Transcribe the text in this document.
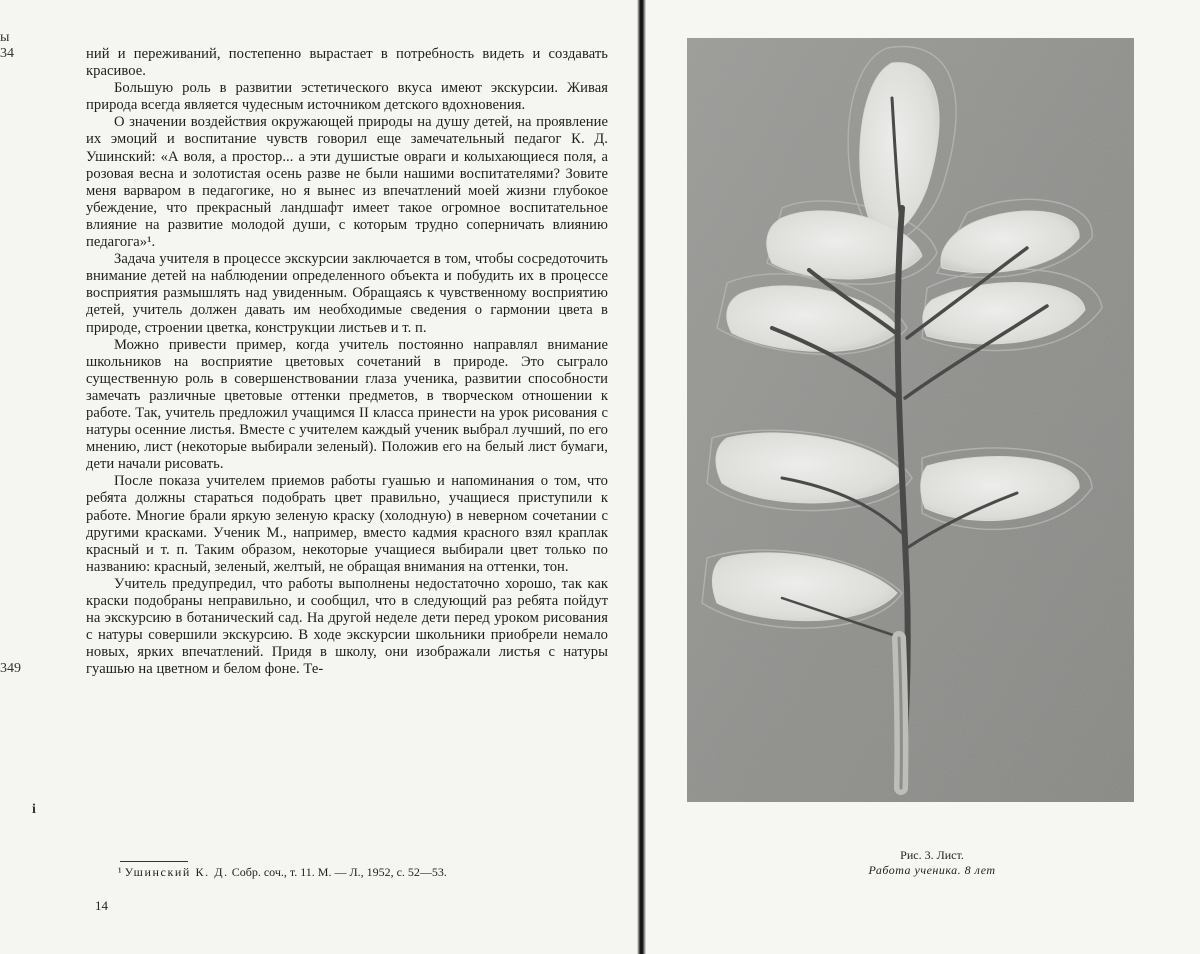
ы
34
349
i

ний и переживаний, постепенно вырастает в потребность видеть и создавать красивое.

Большую роль в развитии эстетического вкуса имеют экскурсии. Живая природа всегда является чудесным источником детского вдохновения.

О значении воздействия окружающей природы на душу детей, на проявление их эмоций и воспитание чувств говорил еще замечательный педагог К. Д. Ушинский: «А воля, а простор... а эти душистые овраги и колыхающиеся поля, а розовая весна и золотистая осень разве не были нашими воспитателями? Зовите меня варваром в педагогике, но я вынес из впечатлений моей жизни глубокое убеждение, что прекрасный ландшафт имеет такое огромное воспитательное влияние на развитие молодой души, с которым трудно соперничать влиянию педагога»¹.

Задача учителя в процессе экскурсии заключается в том, чтобы сосредоточить внимание детей на наблюдении определенного объекта и побудить их в процессе восприятия размышлять над увиденным. Обращаясь к чувственному восприятию детей, учитель должен давать им необходимые сведения о гармонии цвета в природе, строении цветка, конструкции листьев и т. п.

Можно привести пример, когда учитель постоянно направлял внимание школьников на восприятие цветовых сочетаний в природе. Это сыграло существенную роль в совершенствовании глаза ученика, развитии способности замечать различные цветовые оттенки предметов, в творческом отношении к работе. Так, учитель предложил учащимся II класса принести на урок рисования с натуры осенние листья. Вместе с учителем каждый ученик выбрал лучший, по его мнению, лист (некоторые выбирали зеленый). Положив его на белый лист бумаги, дети начали рисовать.

После показа учителем приемов работы гуашью и напоминания о том, что ребята должны стараться подобрать цвет правильно, учащиеся приступили к работе. Многие брали яркую зеленую краску (холодную) в неверном сочетании с другими красками. Ученик М., например, вместо кадмия красного взял краплак красный и т. п. Таким образом, некоторые учащиеся выбирали цвет только по названию: красный, зеленый, желтый, не обращая внимания на оттенки, тон.

Учитель предупредил, что работы выполнены недостаточно хорошо, так как краски подобраны неправильно, и сообщил, что в следующий раз ребята пойдут на экскурсию в ботанический сад. На другой неделе дети перед уроком рисования с натуры совершили экскурсию. В ходе экскурсии школьники приобрели немало новых, ярких впечатлений. Придя в школу, они изображали листья с натуры гуашью на цветном и белом фоне. Те-

¹ Ушинский К. Д. Собр. соч., т. 11. М. — Л., 1952, с. 52—53.
14
Рис. 3. Лист.
Работа ученика. 8 лет
